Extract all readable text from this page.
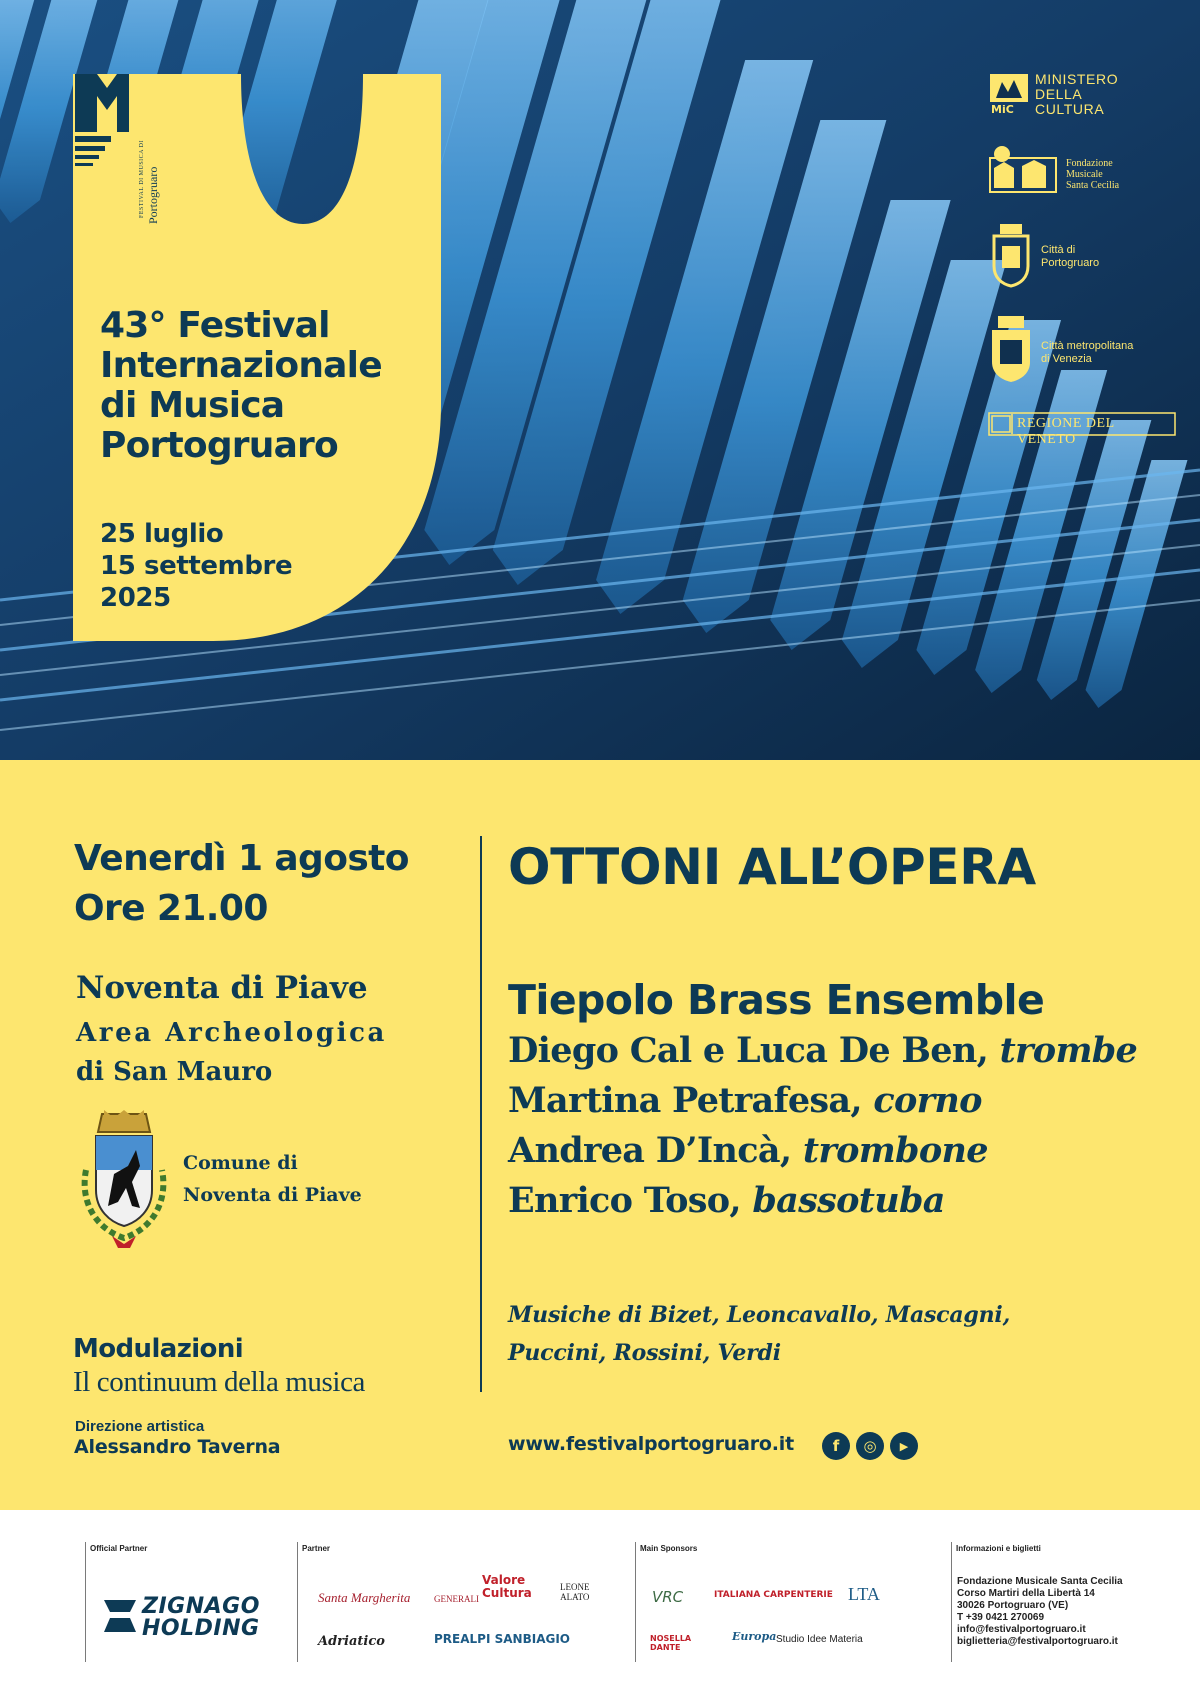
FESTIVAL DI MUSICA DI Portogruaro
43° Festival
Internazionale
di Musica
Portogruaro
25 luglio
15 settembre
2025
MiC
MINISTERO
DELLA
CULTURA
Fondazione
Musicale
Santa Cecilia
Città di
Portogruaro
Città metropolitana
di Venezia
REGIONE DEL VENETO
Venerdì 1 agosto
Ore 21.00
Noventa di Piave
Area Archeologica
di San Mauro
Comune di
Noventa di Piave
Modulazioni
Il continuum della musica
Direzione artistica
Alessandro Taverna
OTTONI ALL’OPERA
Tiepolo Brass Ensemble
Diego Cal e Luca De Ben, trombe
Martina Petrafesa, corno
Andrea D’Incà, trombone
Enrico Toso, bassotuba
Musiche di Bizet, Leoncavallo, Mascagni,
Puccini, Rossini, Verdi
www.festivalportogruaro.it	f	◎	▶
Official Partner
ZIGNAGO
HOLDING
Partner
Santa Margherita	GENERALI
Valore
Cultura	LEONE
ALATO
Adriatico	PREALPI SANBIAGIO
Main Sponsors
VRC	ITALIANA CARPENTERIE LTA
NOSELLA
DANTE
Europa Studio Idee Materia
Informazioni e biglietti
Fondazione Musicale Santa Cecilia
Corso Martiri della Libertà 14
30026 Portogruaro (VE)
T +39 0421 270069
info@festivalportogruaro.it
biglietteria@festivalportogruaro.it
